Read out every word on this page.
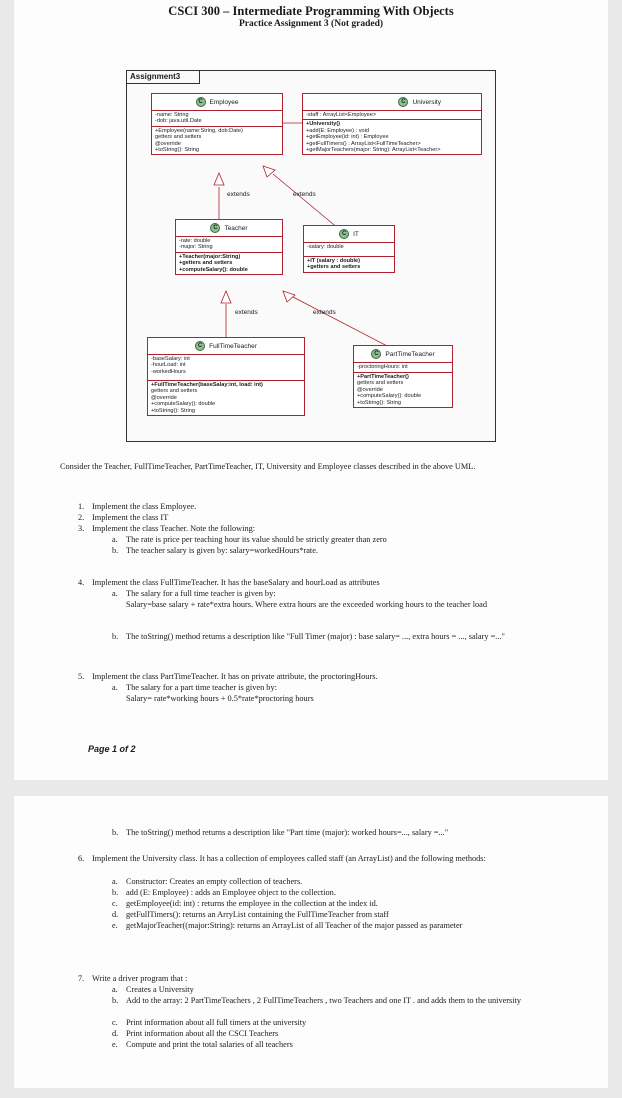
CSCI 300 – Intermediate Programming With Objects
Practice Assignment 3 (Not graded)
Assignment3
C	Employee
-name: String
-dob: java.util.Date
+Employee(name:String, dob:Date)
getters and setters
@override
+toString(): String
C	University
-staff : ArrayList<Employee>
+University()
+add(E: Employee) : void
+getEmployee(id: int) : Employee
+getFullTimers() : ArrayList<FullTimeTeacher>
+getMajorTeachers(major: String): ArrayList<Teacher>
extends	extends
C	Teacher
-rate: double
-major: String
+Teacher(major:String)
+getters and setters
+computeSalary(): double
C	IT
-salary: double
+IT (salary : double)
+getters and setters
extends	extends
C	FullTimeTeacher
-baseSalary: int
-hourLoad: int
-workedHours
+FullTimeTeacher(baseSalay:int, load: int)
getters and setters
@override
+computeSalary(): double
+toString(): String
C	PartTimeTeacher
-proctoringHours: int
+PartTimeTeacher()
getters and setters
@override
+computeSalary(): double
+toString(): String
Consider the Teacher, FullTimeTeacher, PartTimeTeacher, IT, University and Employee classes described in the above UML.
1. Implement the class Employee.
2. Implement the class IT
3. Implement the class Teacher. Note the following:
a. The rate is price per teaching hour its value should be strictly greater than zero
b. The teacher salary is given by: salary=workedHours*rate.
4. Implement the class FullTimeTeacher. It has the baseSalary and hourLoad as attributes
a. The salary for a full time teacher is given by:
Salary=base salary + rate*extra hours. Where extra hours are the exceeded working hours to the teacher load
b. The toString() method returns a description like "Full Timer (major) : base salary= ..., extra hours = ..., salary =..."
5. Implement the class PartTimeTeacher. It has on private attribute, the proctoringHours.
a. The salary for a part time teacher is given by:
Salary= rate*working hours + 0.5*rate*proctoring hours
Page 1 of 2
b. The toString() method returns a description like "Part time (major): worked hours=..., salary =..."
6. Implement the University class. It has a collection of employees called staff (an ArrayList) and the following methods:
a. Constructor: Creates an empty collection of teachers.
b. add (E: Employee) : adds an Employee object to the collection.
c. getEmployee(id: int) : returns the employee in the collection at the index id.
d. getFullTimers(): returns an ArryList containing the FullTimeTeacher from staff
e. getMajorTeacher((major:String): returns an ArrayList of all Teacher of the major passed as parameter
7. Write a driver program that :
a. Creates a University
b. Add to the array: 2 PartTimeTeachers , 2 FullTimeTeachers , two Teachers and one IT . and adds them to the university
c. Print information about all full timers at the university
d. Print information about all the CSCI Teachers
e. Compute and print the total salaries of all teachers
